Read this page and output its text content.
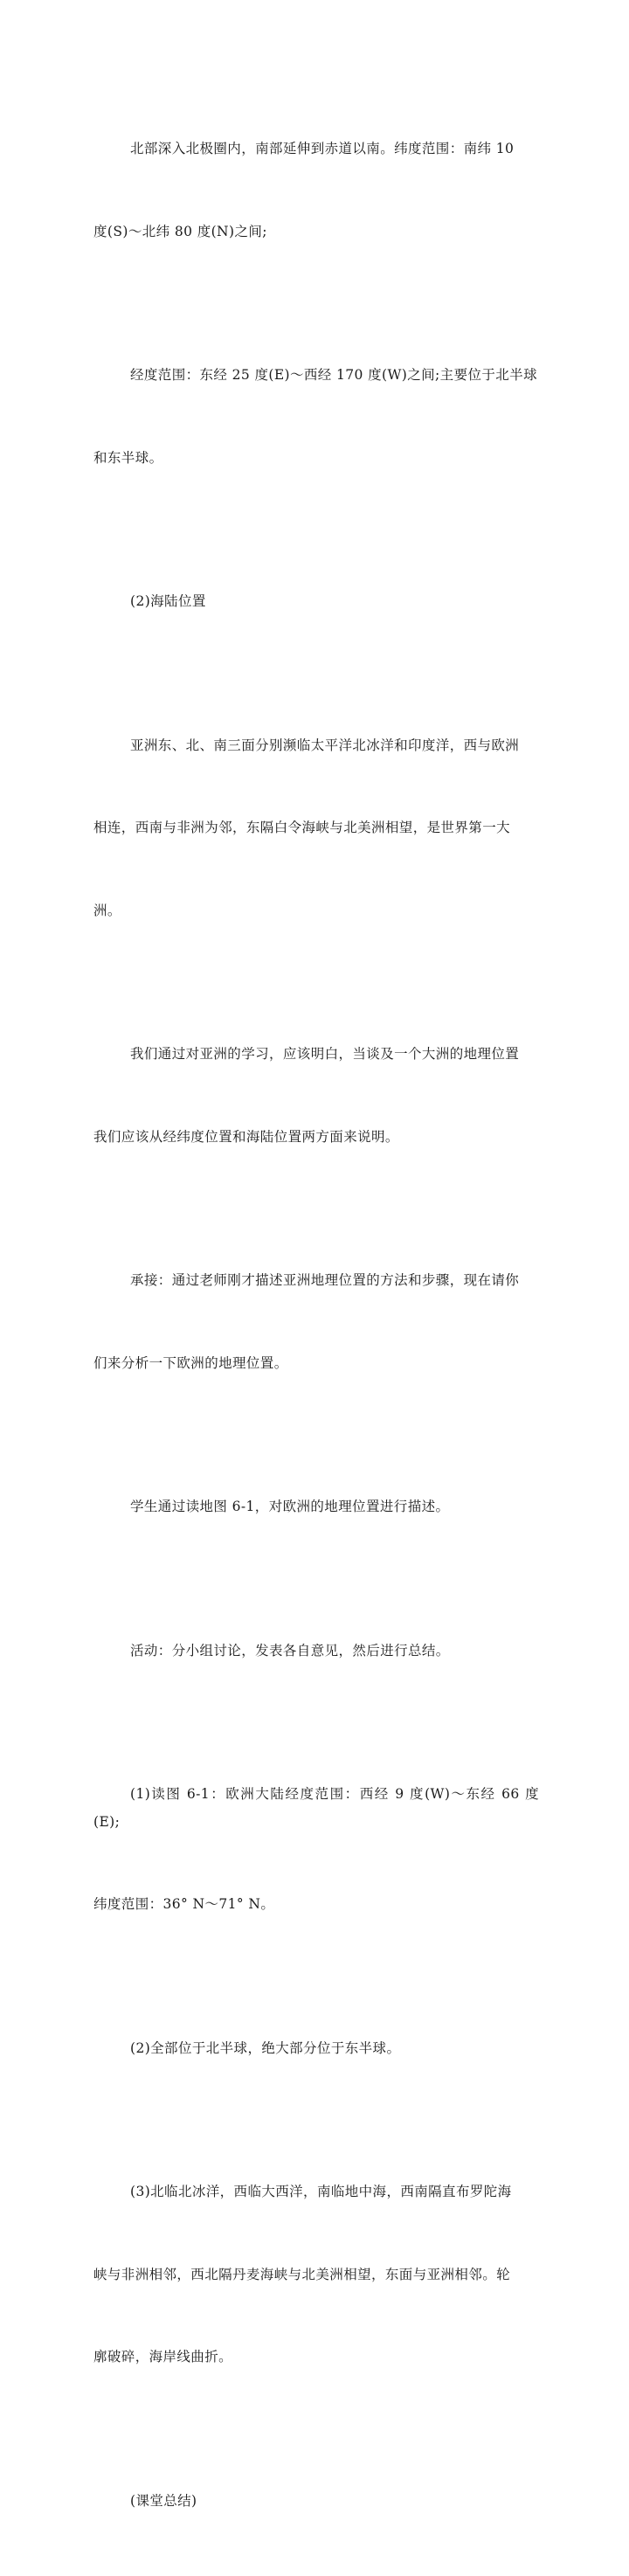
北部深入北极圈内，南部延伸到赤道以南。纬度范围：南纬 10

度(S)～北纬 80 度(N)之间;

经度范围：东经 25 度(E)～西经 170 度(W)之间;主要位于北半球

和东半球。

(2)海陆位置

亚洲东、北、南三面分别濒临太平洋北冰洋和印度洋，西与欧洲

相连，西南与非洲为邻，东隔白令海峡与北美洲相望，是世界第一大

洲。

我们通过对亚洲的学习，应该明白，当谈及一个大洲的地理位置

我们应该从经纬度位置和海陆位置两方面来说明。

承接：通过老师刚才描述亚洲地理位置的方法和步骤，现在请你

们来分析一下欧洲的地理位置。

学生通过读地图 6-1，对欧洲的地理位置进行描述。

活动：分小组讨论，发表各自意见，然后进行总结。

(1)读图 6-1：欧洲大陆经度范围：西经 9 度(W)～东经 66 度(E);

纬度范围：36° N～71° N。

(2)全部位于北半球，绝大部分位于东半球。

(3)北临北冰洋，西临大西洋，南临地中海，西南隔直布罗陀海

峡与非洲相邻，西北隔丹麦海峡与北美洲相望，东面与亚洲相邻。轮

廓破碎，海岸线曲折。

(课堂总结)
